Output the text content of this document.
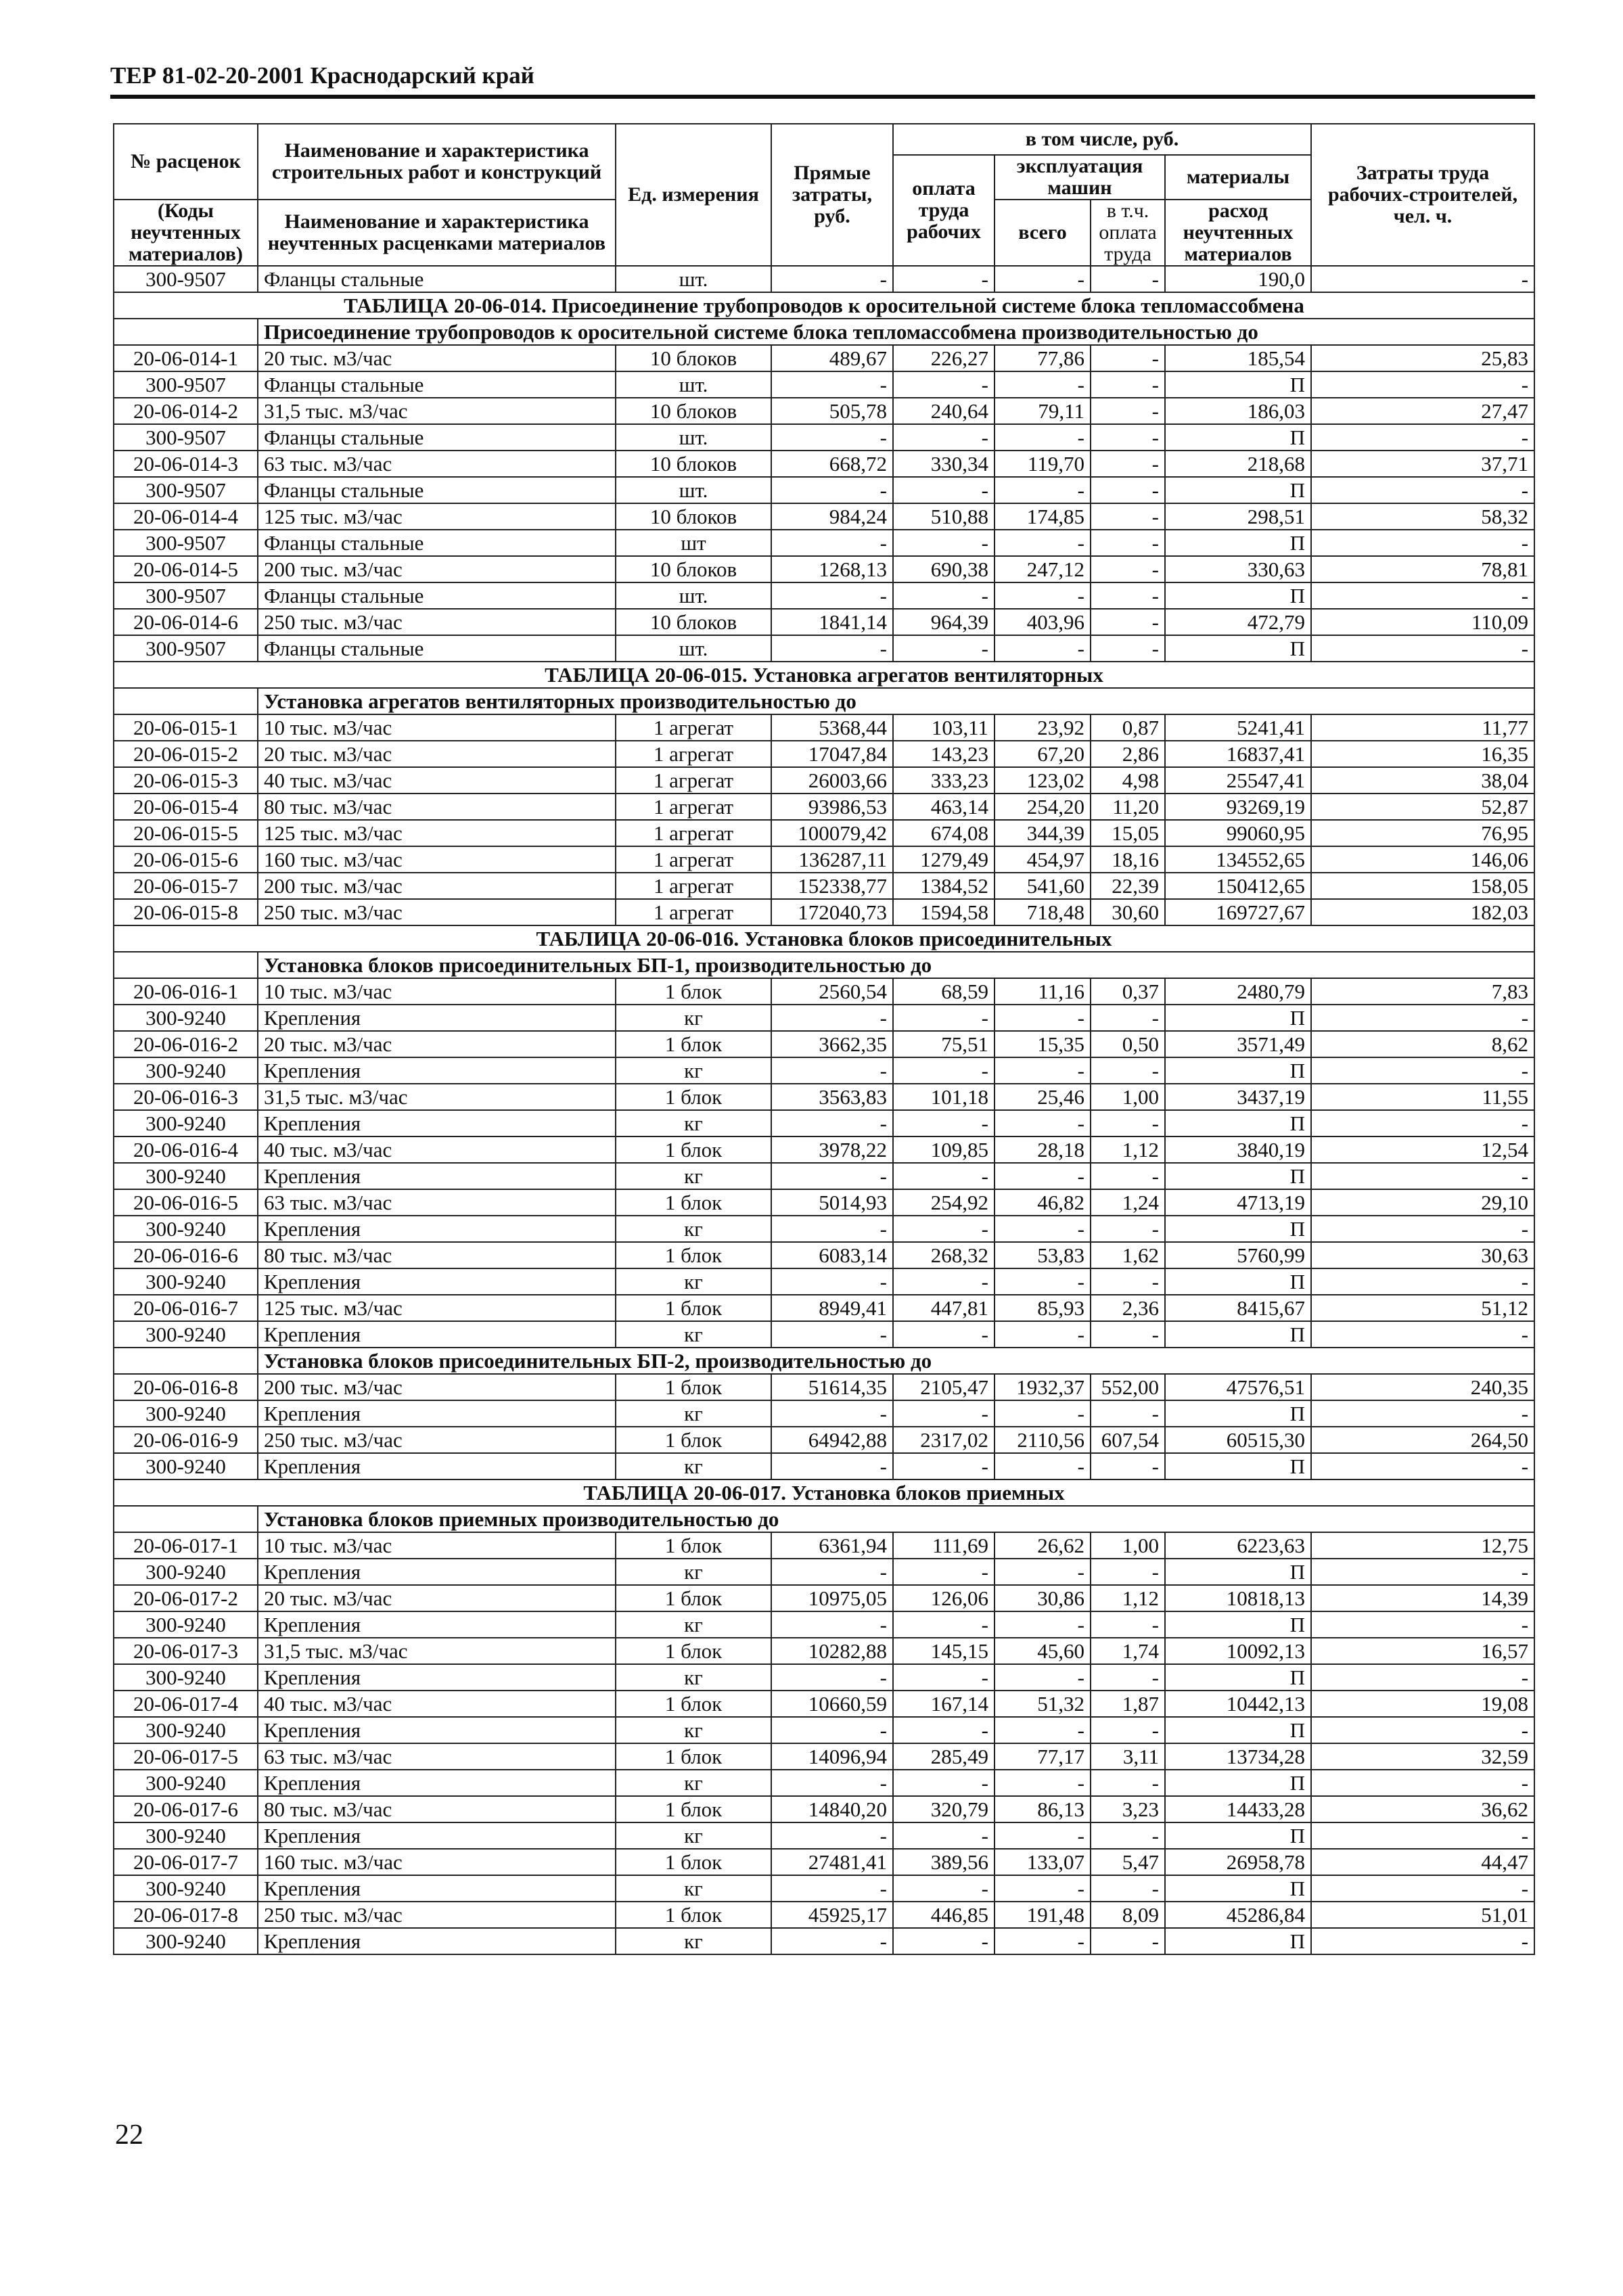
ТЕР 81-02-20-2001 Краснодарский край
№ расценок	Наименование и характеристика строительных работ и конструкций	Ед. измерения	Прямые затраты, руб.	в том числе, руб.				Затраты труда рабочих-строителей, чел. ч.
				оплата труда рабочих	эксплуатация машин		материалы	
(Коды неучтенных материалов)	Наименование и характеристика неучтенных расценками материалов				всего	в т.ч. оплата труда	расход неучтенных материалов	
300-9507	Фланцы стальные	шт.	-	-	-	-	190,0	-
ТАБЛИЦА 20-06-014. Присоединение трубопроводов к оросительной системе блока тепломассобмена								
	Присоединение трубопроводов к оросительной системе блока тепломассобмена производительностью до							
20-06-014-1	20 тыс. м3/час	10 блоков	489,67	226,27	77,86	-	185,54	25,83
300-9507	Фланцы стальные	шт.	-	-	-	-	П	-
20-06-014-2	31,5 тыс. м3/час	10 блоков	505,78	240,64	79,11	-	186,03	27,47
300-9507	Фланцы стальные	шт.	-	-	-	-	П	-
20-06-014-3	63 тыс. м3/час	10 блоков	668,72	330,34	119,70	-	218,68	37,71
300-9507	Фланцы стальные	шт.	-	-	-	-	П	-
20-06-014-4	125 тыс. м3/час	10 блоков	984,24	510,88	174,85	-	298,51	58,32
300-9507	Фланцы стальные	шт	-	-	-	-	П	-
20-06-014-5	200 тыс. м3/час	10 блоков	1268,13	690,38	247,12	-	330,63	78,81
300-9507	Фланцы стальные	шт.	-	-	-	-	П	-
20-06-014-6	250 тыс. м3/час	10 блоков	1841,14	964,39	403,96	-	472,79	110,09
300-9507	Фланцы стальные	шт.	-	-	-	-	П	-
ТАБЛИЦА 20-06-015. Установка агрегатов вентиляторных								
	Установка агрегатов вентиляторных производительностью до							
20-06-015-1	10 тыс. м3/час	1 агрегат	5368,44	103,11	23,92	0,87	5241,41	11,77
20-06-015-2	20 тыс. м3/час	1 агрегат	17047,84	143,23	67,20	2,86	16837,41	16,35
20-06-015-3	40 тыс. м3/час	1 агрегат	26003,66	333,23	123,02	4,98	25547,41	38,04
20-06-015-4	80 тыс. м3/час	1 агрегат	93986,53	463,14	254,20	11,20	93269,19	52,87
20-06-015-5	125 тыс. м3/час	1 агрегат	100079,42	674,08	344,39	15,05	99060,95	76,95
20-06-015-6	160 тыс. м3/час	1 агрегат	136287,11	1279,49	454,97	18,16	134552,65	146,06
20-06-015-7	200 тыс. м3/час	1 агрегат	152338,77	1384,52	541,60	22,39	150412,65	158,05
20-06-015-8	250 тыс. м3/час	1 агрегат	172040,73	1594,58	718,48	30,60	169727,67	182,03
ТАБЛИЦА 20-06-016. Установка блоков присоединительных								
	Установка блоков присоединительных БП-1, производительностью до							
20-06-016-1	10 тыс. м3/час	1 блок	2560,54	68,59	11,16	0,37	2480,79	7,83
300-9240	Крепления	кг	-	-	-	-	П	-
20-06-016-2	20 тыс. м3/час	1 блок	3662,35	75,51	15,35	0,50	3571,49	8,62
300-9240	Крепления	кг	-	-	-	-	П	-
20-06-016-3	31,5 тыс. м3/час	1 блок	3563,83	101,18	25,46	1,00	3437,19	11,55
300-9240	Крепления	кг	-	-	-	-	П	-
20-06-016-4	40 тыс. м3/час	1 блок	3978,22	109,85	28,18	1,12	3840,19	12,54
300-9240	Крепления	кг	-	-	-	-	П	-
20-06-016-5	63 тыс. м3/час	1 блок	5014,93	254,92	46,82	1,24	4713,19	29,10
300-9240	Крепления	кг	-	-	-	-	П	-
20-06-016-6	80 тыс. м3/час	1 блок	6083,14	268,32	53,83	1,62	5760,99	30,63
300-9240	Крепления	кг	-	-	-	-	П	-
20-06-016-7	125 тыс. м3/час	1 блок	8949,41	447,81	85,93	2,36	8415,67	51,12
300-9240	Крепления	кг	-	-	-	-	П	-
	Установка блоков присоединительных БП-2, производительностью до							
20-06-016-8	200 тыс. м3/час	1 блок	51614,35	2105,47	1932,37	552,00	47576,51	240,35
300-9240	Крепления	кг	-	-	-	-	П	-
20-06-016-9	250 тыс. м3/час	1 блок	64942,88	2317,02	2110,56	607,54	60515,30	264,50
300-9240	Крепления	кг	-	-	-	-	П	-
ТАБЛИЦА 20-06-017. Установка блоков приемных								
	Установка блоков приемных производительностью до							
20-06-017-1	10 тыс. м3/час	1 блок	6361,94	111,69	26,62	1,00	6223,63	12,75
300-9240	Крепления	кг	-	-	-	-	П	-
20-06-017-2	20 тыс. м3/час	1 блок	10975,05	126,06	30,86	1,12	10818,13	14,39
300-9240	Крепления	кг	-	-	-	-	П	-
20-06-017-3	31,5 тыс. м3/час	1 блок	10282,88	145,15	45,60	1,74	10092,13	16,57
300-9240	Крепления	кг	-	-	-	-	П	-
20-06-017-4	40 тыс. м3/час	1 блок	10660,59	167,14	51,32	1,87	10442,13	19,08
300-9240	Крепления	кг	-	-	-	-	П	-
20-06-017-5	63 тыс. м3/час	1 блок	14096,94	285,49	77,17	3,11	13734,28	32,59
300-9240	Крепления	кг	-	-	-	-	П	-
20-06-017-6	80 тыс. м3/час	1 блок	14840,20	320,79	86,13	3,23	14433,28	36,62
300-9240	Крепления	кг	-	-	-	-	П	-
20-06-017-7	160 тыс. м3/час	1 блок	27481,41	389,56	133,07	5,47	26958,78	44,47
300-9240	Крепления	кг	-	-	-	-	П	-
20-06-017-8	250 тыс. м3/час	1 блок	45925,17	446,85	191,48	8,09	45286,84	51,01
300-9240	Крепления	кг	-	-	-	-	П	-
22
